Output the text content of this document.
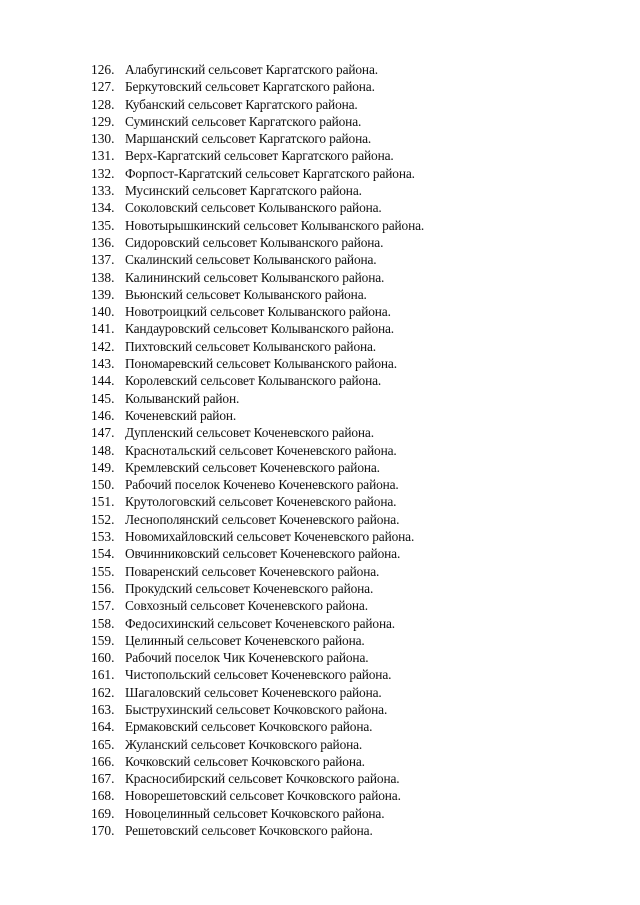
126. Алабугинский сельсовет Каргатского района.
127. Беркутовский сельсовет Каргатского района.
128. Кубанский сельсовет Каргатского района.
129. Суминский сельсовет Каргатского района.
130. Маршанский сельсовет Каргатского района.
131. Верх-Каргатский сельсовет Каргатского района.
132. Форпост-Каргатский сельсовет Каргатского района.
133. Мусинский сельсовет Каргатского района.
134. Соколовский сельсовет Колыванского района.
135. Новотырышкинский сельсовет Колыванского района.
136. Сидоровский сельсовет Колыванского района.
137. Скалинский сельсовет Колыванского района.
138. Калининский сельсовет Колыванского района.
139. Вьюнский сельсовет Колыванского района.
140. Новотроицкий сельсовет Колыванского района.
141. Кандауровский сельсовет Колыванского района.
142. Пихтовский сельсовет Колыванского района.
143. Пономаревский сельсовет Колыванского района.
144. Королевский сельсовет Колыванского района.
145. Колыванский район.
146. Коченевский район.
147. Дупленский сельсовет Коченевского района.
148. Краснотальский сельсовет Коченевского района.
149. Кремлевский сельсовет Коченевского района.
150. Рабочий поселок Коченево Коченевского района.
151. Крутологовский сельсовет Коченевского района.
152. Леснополянский сельсовет Коченевского района.
153. Новомихайловский сельсовет Коченевского района.
154. Овчинниковский сельсовет Коченевского района.
155. Поваренский сельсовет Коченевского района.
156. Прокудский сельсовет Коченевского района.
157. Совхозный сельсовет Коченевского района.
158. Федосихинский сельсовет Коченевского района.
159. Целинный сельсовет Коченевского района.
160. Рабочий поселок Чик Коченевского района.
161. Чистопольский сельсовет Коченевского района.
162. Шагаловский сельсовет Коченевского района.
163. Быструхинский сельсовет Кочковского района.
164. Ермаковский сельсовет Кочковского района.
165. Жуланский сельсовет Кочковского района.
166. Кочковский сельсовет Кочковского района.
167. Красносибирский сельсовет Кочковского района.
168. Новорешетовский сельсовет Кочковского района.
169. Новоцелинный сельсовет Кочковского района.
170. Решетовский сельсовет Кочковского района.
